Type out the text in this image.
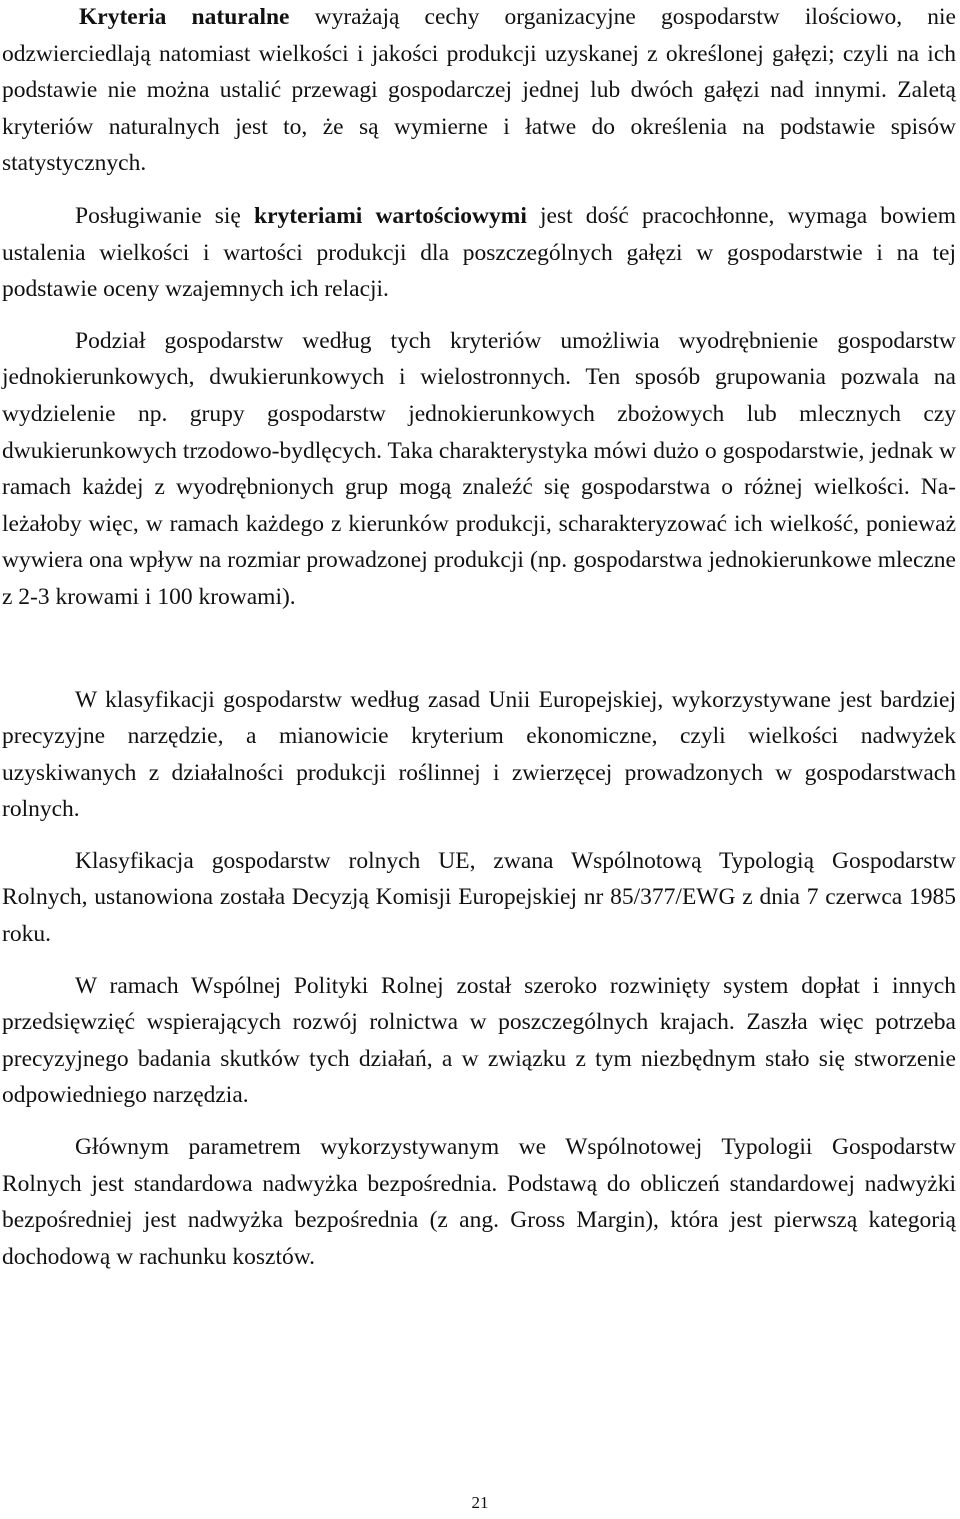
Kryteria naturalne wyrażają cechy organizacyjne gospodarstw ilościowo, nie odzwierciedlają natomiast wielkości i jakości produkcji uzyskanej z określonej gałęzi; czyli na ich podstawie nie można ustalić przewagi gospodarczej jednej lub dwóch gałęzi nad innymi. Zaletą kryteriów naturalnych jest to, że są wymierne i łatwe do określenia na podstawie spisów statystycznych.

Posługiwanie się kryteriami wartościowymi jest dość pracochłonne, wymaga bowiem ustalenia wielkości i wartości produkcji dla poszczególnych gałęzi w gospodarstwie i na tej podstawie oceny wzajemnych ich relacji.

Podział gospodarstw według tych kryteriów umożliwia wyodrębnienie gospodarstw jednokierunkowych, dwukierunkowych i wielostronnych. Ten sposób grupowania pozwala na wydzielenie np. grupy gospodarstw jednokierunkowych zbożowych lub mlecznych czy dwukierunkowych trzodowo-bydlęcych. Taka charakterystyka mówi dużo o gospodarstwie, jednak w ramach każdej z wyodrębnionych grup mogą znaleźć się gospodarstwa o różnej wielkości. Należałoby więc, w ramach każdego z kierunków produkcji, scharakteryzować ich wielkość, ponieważ wywiera ona wpływ na rozmiar prowadzonej produkcji (np. gospodarstwa jednokierunkowe mleczne z 2-3 krowami i 100 krowami).

W klasyfikacji gospodarstw według zasad Unii Europejskiej, wykorzystywane jest bardziej precyzyjne narzędzie, a mianowicie kryterium ekonomiczne, czyli wielkości nadwyżek uzyskiwanych z działalności produkcji roślinnej i zwierzęcej prowadzonych w gospodarstwach rolnych.

Klasyfikacja gospodarstw rolnych UE, zwana Wspólnotową Typologią Gospodarstw Rolnych, ustanowiona została Decyzją Komisji Europejskiej nr 85/377/EWG z dnia 7 czerwca 1985 roku.

W ramach Wspólnej Polityki Rolnej został szeroko rozwinięty system dopłat i innych przedsięwzięć wspierających rozwój rolnictwa w poszczególnych krajach. Zaszła więc potrzeba precyzyjnego badania skutków tych działań, a w związku z tym niezbędnym stało się stworzenie odpowiedniego narzędzia.

Głównym parametrem wykorzystywanym we Wspólnotowej Typologii Gospodarstw Rolnych jest standardowa nadwyżka bezpośrednia. Podstawą do obliczeń standardowej nadwyżki bezpośredniej jest nadwyżka bezpośrednia (z ang. Gross Margin), która jest pierwszą kategorią dochodową w rachunku kosztów.

21
